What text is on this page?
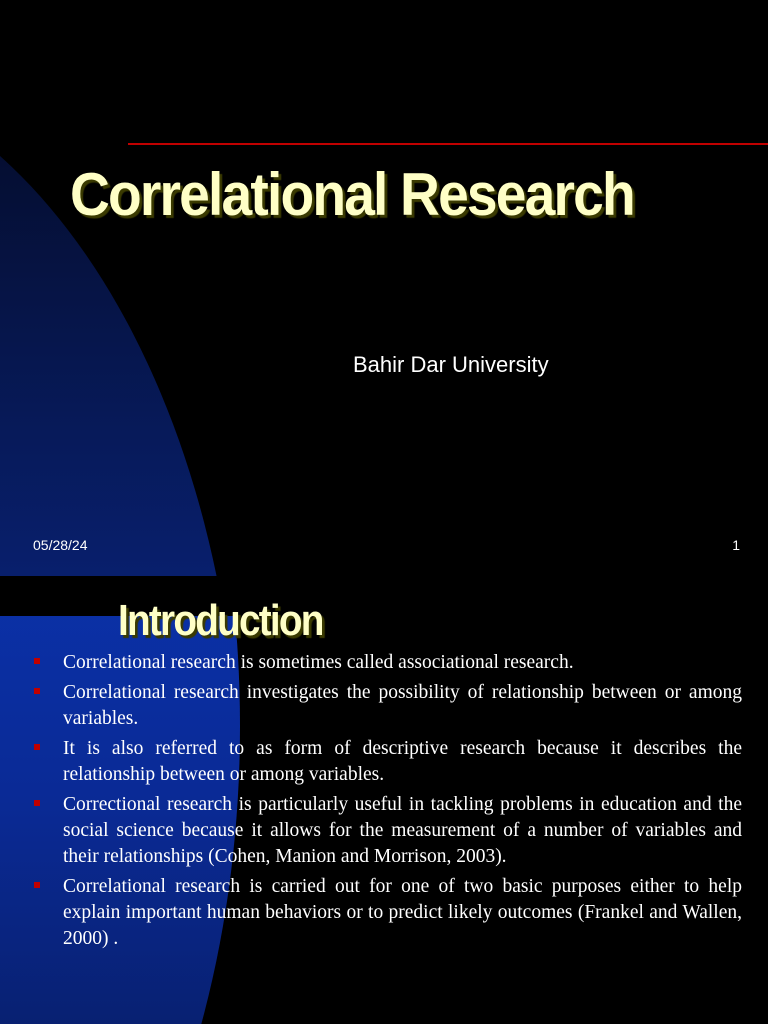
Correlational Research

Bahir Dar University

05/28/24	1
Introduction
Correlational research is sometimes called associational research.
Correlational research investigates the possibility of relationship between or among variables.
It is also referred to as form of descriptive research because it describes the relationship between or among variables.
Correctional research is particularly useful in tackling problems in education and the social science because it allows for the measurement of a number of variables and their relationships (Cohen, Manion and Morrison, 2003).
Correlational research is carried out for one of two basic purposes either to help explain important human behaviors or to predict likely outcomes (Frankel and Wallen, 2000) .
